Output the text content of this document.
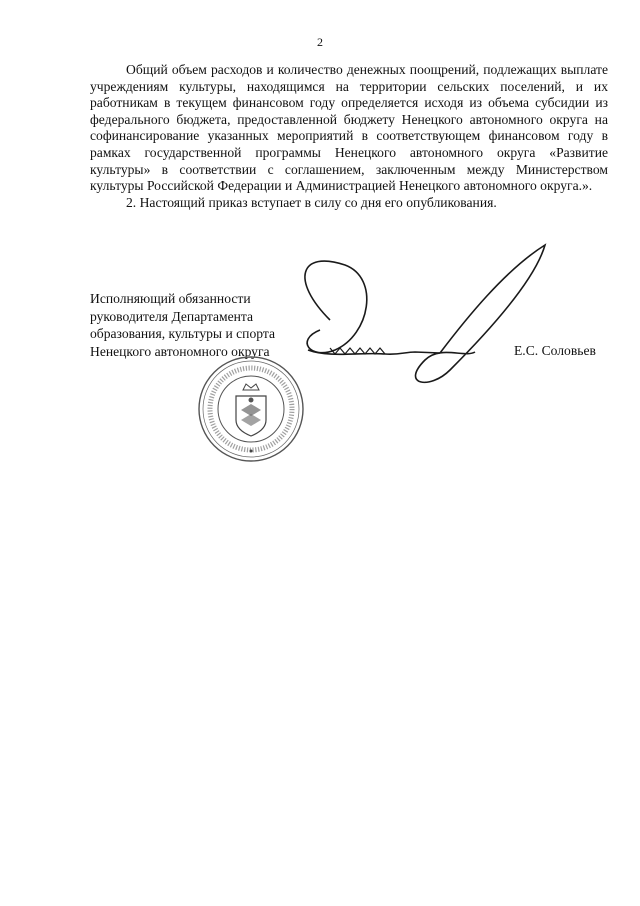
2

Общий объем расходов и количество денежных поощрений, подлежащих выплате учреждениям культуры, находящимся на территории сельских поселений, и их работникам в текущем финансовом году определяется исходя из объема субсидии из федерального бюджета, предоставленной бюджету Ненецкого автономного округа на софинансирование указанных мероприятий в соответствующем финансовом году в рамках государственной программы Ненецкого автономного округа «Развитие культуры» в соответствии с соглашением, заключенным между Министерством культуры Российской Федерации и Администрацией Ненецкого автономного округа.».

2. Настоящий приказ вступает в силу со дня его опубликования.

Исполняющий обязанности
руководителя Департамента
образования, культуры и спорта
Ненецкого автономного округа	Е.С. Соловьев
